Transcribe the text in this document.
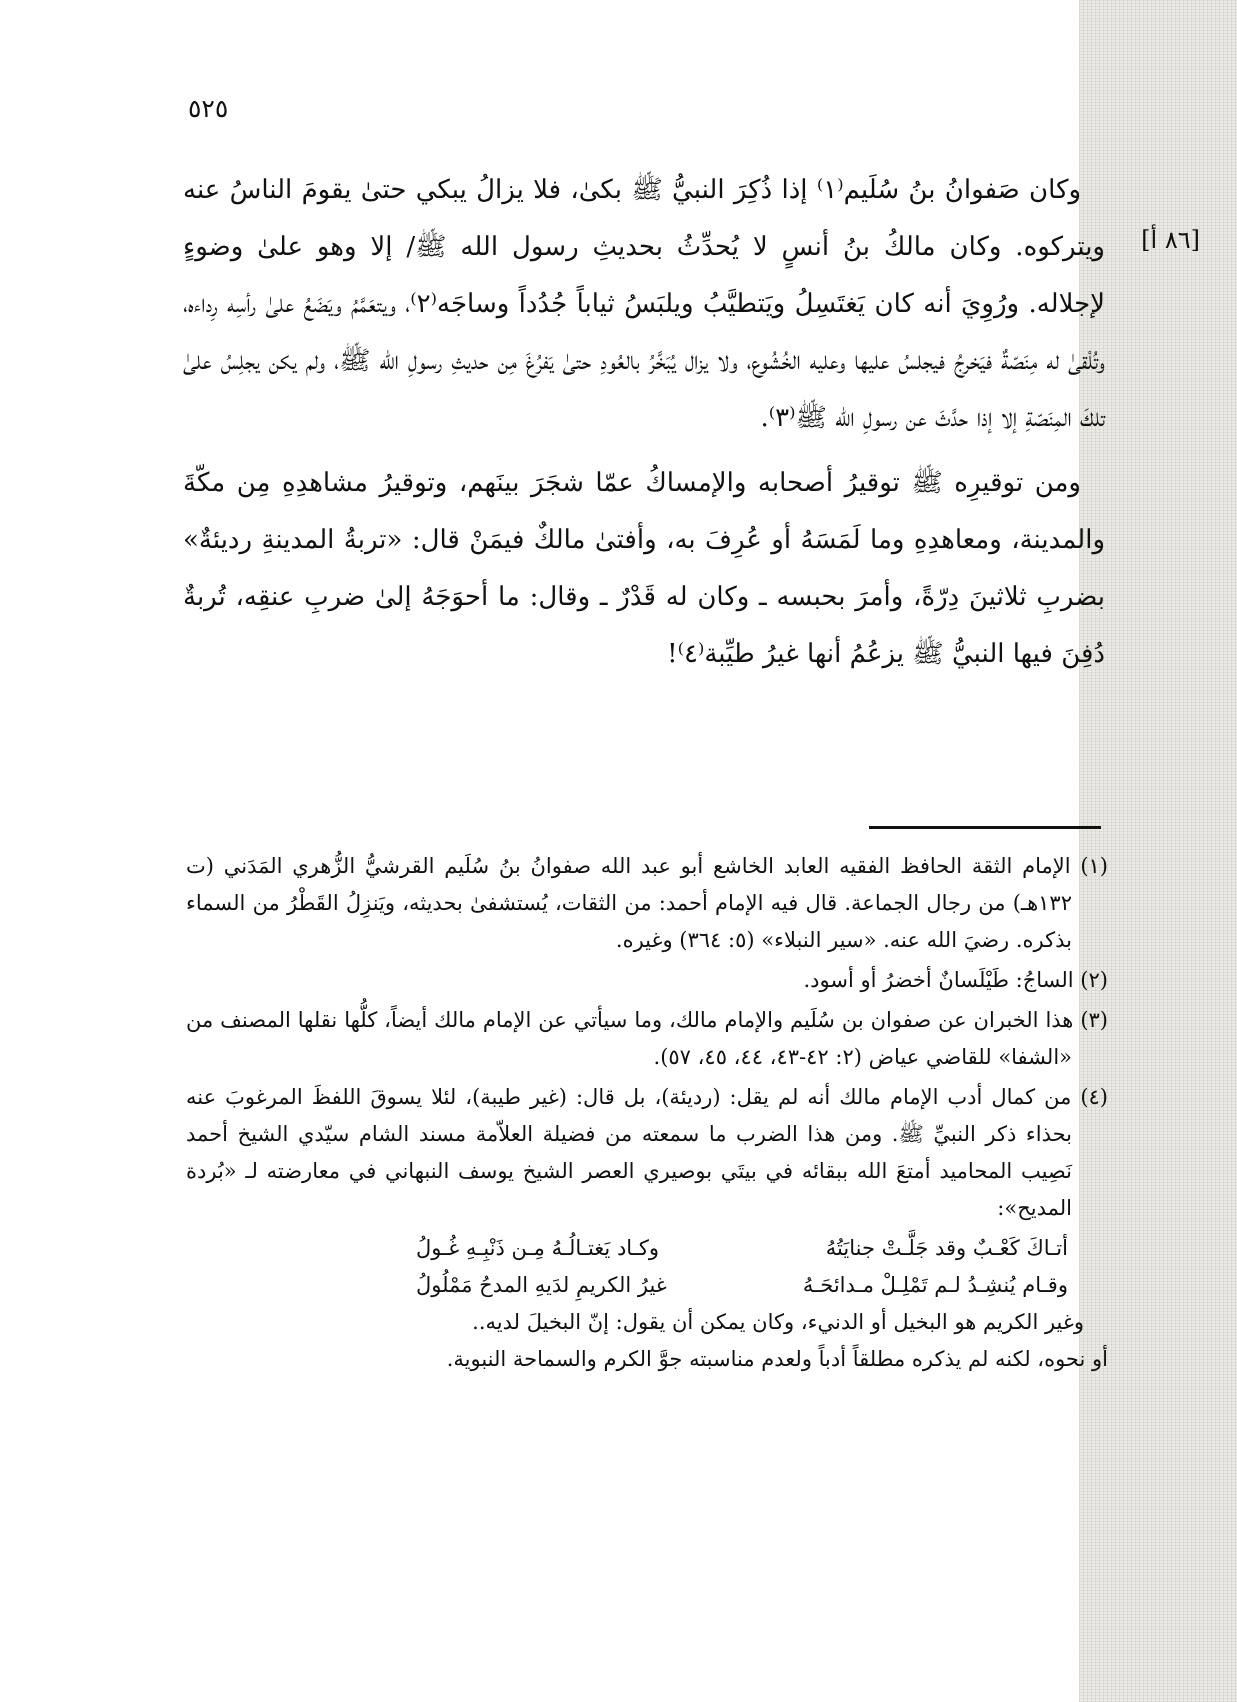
٥٢٥
[٨٦ أ]

وكان صَفوانُ بنُ سُلَيم⁽١⁾ إذا ذُكِرَ النبيُّ ﷺ بكىٰ، فلا يزالُ يبكي حتىٰ يقومَ الناسُ عنه ويتركوه. وكان مالكُ بنُ أنسٍ لا يُحدِّثُ بحديثِ رسول الله ﷺ/ إلا وهو علىٰ وضوءٍ لإجلاله. ورُوِيَ أنه كان يَغتَسِلُ ويَتطيَّبُ ويلبَسُ ثياباً جُدُداً وساجَه⁽٢⁾، ويتعَمَّمُ ويَضَعُ علىٰ رأسِه رِداءه، وتُلْقىٰ له مِنَصّةٌ فيَخرجُ فيجلسُ عليها وعليه الخُشُوع، ولا يزال يُبَخَّرُ بالعُودِ حتىٰ يَفرُغَ مِن حديثِ رسولِ الله ﷺ، ولم يكن يجلِسُ علىٰ تلكَ المِنَصّةِ إلا إذا حدَّثَ عن رسولِ الله ﷺ⁽٣⁾.

ومن توقيرِه ﷺ توقيرُ أصحابه والإمساكُ عمّا شجَرَ بينَهم، وتوقيرُ مشاهدِهِ مِن مكّةَ والمدينة، ومعاهدِهِ وما لَمَسَهُ أو عُرِفَ به، وأفتىٰ مالكٌ فيمَنْ قال: «تربةُ المدينةِ رديئةٌ» بضربِ ثلاثينَ دِرّةً، وأمرَ بحبسه ـ وكان له قَدْرٌ ـ وقال: ما أحوَجَهُ إلىٰ ضربِ عنقِه، تُربةٌ دُفِنَ فيها النبيُّ ﷺ يزعُمُ أنها غيرُ طيِّبة⁽٤⁾!

(١) الإمام الثقة الحافظ الفقيه العابد الخاشع أبو عبد الله صفوانُ بنُ سُلَيم القرشيُّ الزُّهري المَدَني (ت ١٣٢هـ) من رجال الجماعة. قال فيه الإمام أحمد: من الثقات، يُستشفىٰ بحديثه، ويَنزِلُ القَطْرُ من السماء بذكره. رضيَ الله عنه. «سير النبلاء» (٥: ٣٦٤) وغيره.

(٢) الساجُ: طَيْلَسانٌ أخضرُ أو أسود.

(٣) هذا الخبران عن صفوان بن سُلَيم والإمام مالك، وما سيأتي عن الإمام مالك أيضاً، كلُّها نقلها المصنف من «الشفا» للقاضي عياض (٢: ٤٢-٤٣، ٤٤، ٤٥، ٥٧).

(٤) من كمال أدب الإمام مالك أنه لم يقل: (رديئة)، بل قال: (غير طيبة)، لئلا يسوقَ اللفظَ المرغوبَ عنه بحذاء ذكر النبيِّ ﷺ. ومن هذا الضرب ما سمعته من فضيلة العلاّمة مسند الشام سيّدي الشيخ أحمد نَصِيب المحاميد أمتعَ الله ببقائه في بيتَي بوصيري العصر الشيخ يوسف النبهاني في معارضته لـ «بُردة المديح»:

أتـاكَ كَعْـبٌ وقد جَلَّـتْ جنايَتُهُ
وكـاد يَغتـالُـهُ مِـن ذَنْبِـهِ غُـولُ
وقـام يُنشِـدُ لـم تَمْلِـلْ مـدائحَـهُ
غيرُ الكريمِ لدَيهِ المدحُ مَمْلُولُ

وغير الكريم هو البخيل أو الدنيء، وكان يمكن أن يقول: إنّ البخيلَ لديه..

أو نحوه، لكنه لم يذكره مطلقاً أدباً ولعدم مناسبته جوَّ الكرم والسماحة النبوية.
